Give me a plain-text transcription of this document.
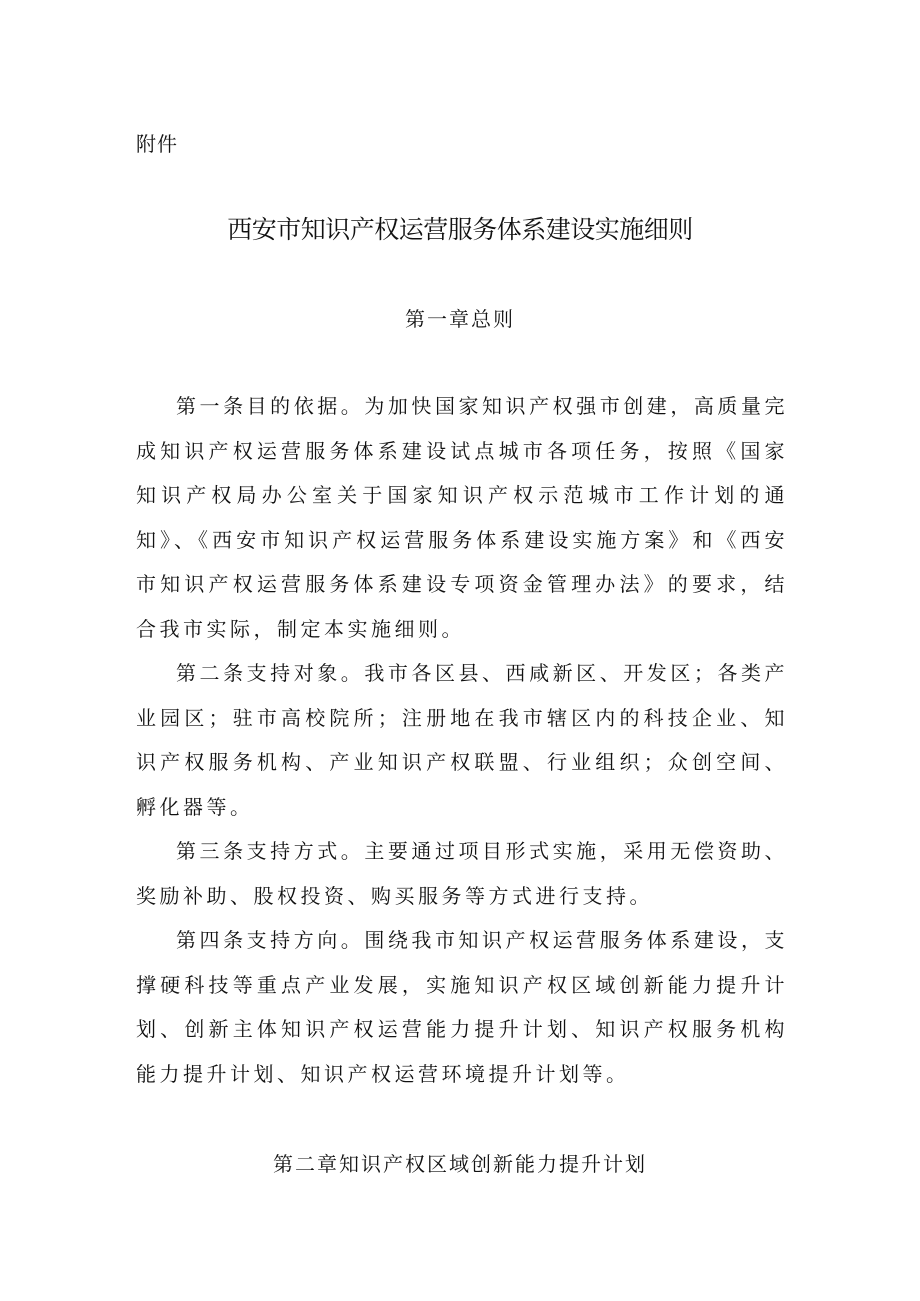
附件
西安市知识产权运营服务体系建设实施细则
第一章总则

第一条目的依据。为加快国家知识产权强市创建，高质量完成知识产权运营服务体系建设试点城市各项任务，按照《国家知识产权局办公室关于国家知识产权示范城市工作计划的通知》、《西安市知识产权运营服务体系建设实施方案》和《西安市知识产权运营服务体系建设专项资金管理办法》的要求，结合我市实际，制定本实施细则。

第二条支持对象。我市各区县、西咸新区、开发区；各类产业园区；驻市高校院所；注册地在我市辖区内的科技企业、知识产权服务机构、产业知识产权联盟、行业组织；众创空间、孵化器等。

第三条支持方式。主要通过项目形式实施，采用无偿资助、奖励补助、股权投资、购买服务等方式进行支持。

第四条支持方向。围绕我市知识产权运营服务体系建设，支撑硬科技等重点产业发展，实施知识产权区域创新能力提升计划、创新主体知识产权运营能力提升计划、知识产权服务机构能力提升计划、知识产权运营环境提升计划等。

第二章知识产权区域创新能力提升计划
